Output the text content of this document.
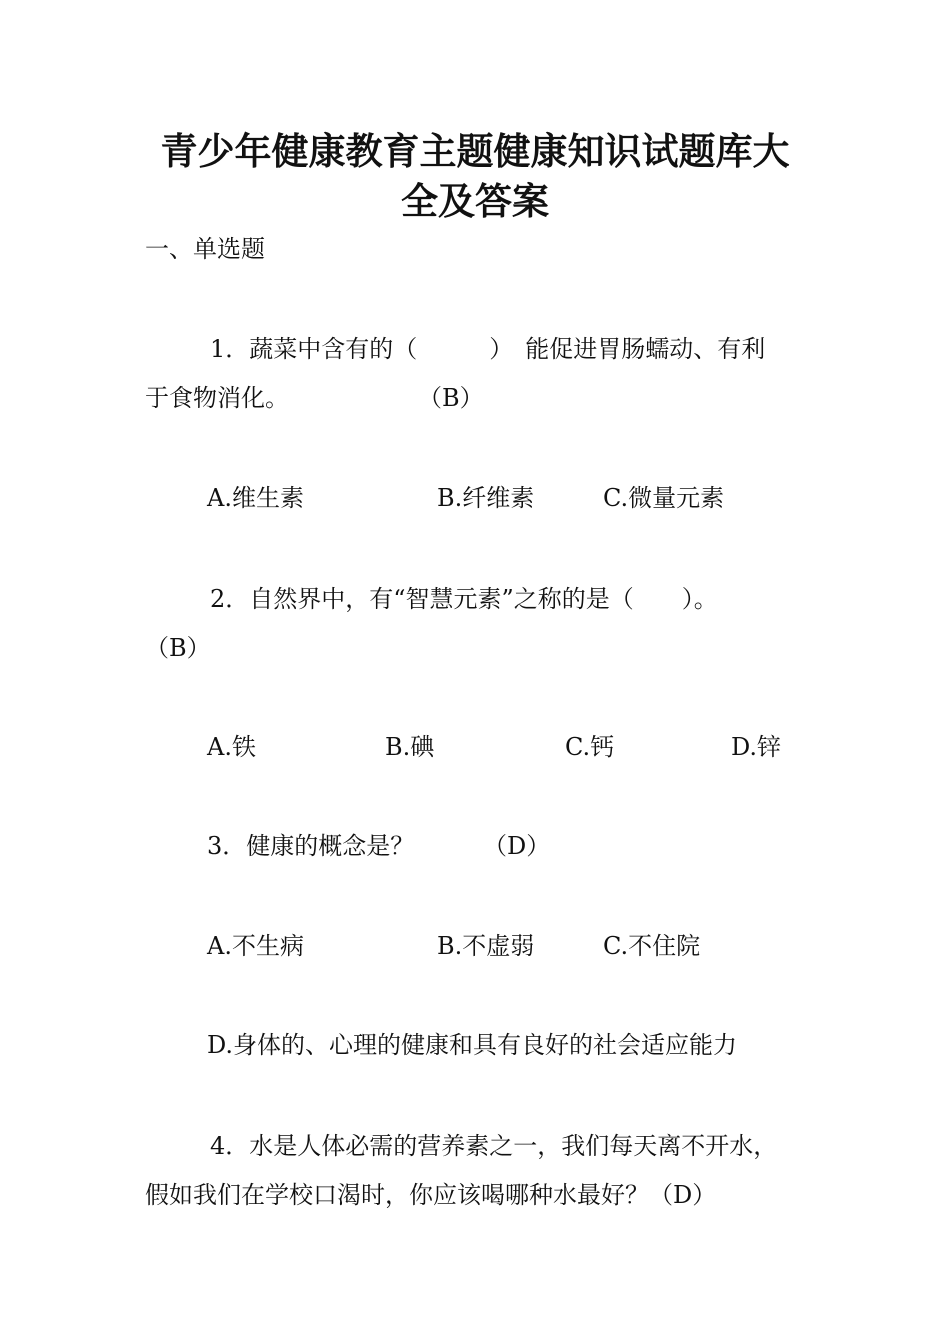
青少年健康教育主题健康知识试题库大
全及答案
一、单选题
1．蔬菜中含有的（　　　）　能促进胃肠蠕动、有利
于食物消化。	（B）
A.维生素	B.纤维素	C.微量元素
2．自然界中，有“智慧元素”之称的是（　　）。
（B）
A.铁	B.碘	C.钙	D.锌
3．健康的概念是？	（D）
A.不生病	B.不虚弱	C.不住院
D.身体的、心理的健康和具有良好的社会适应能力
4．水是人体必需的营养素之一，我们每天离不开水，
假如我们在学校口渴时，你应该喝哪种水最好？（D）
